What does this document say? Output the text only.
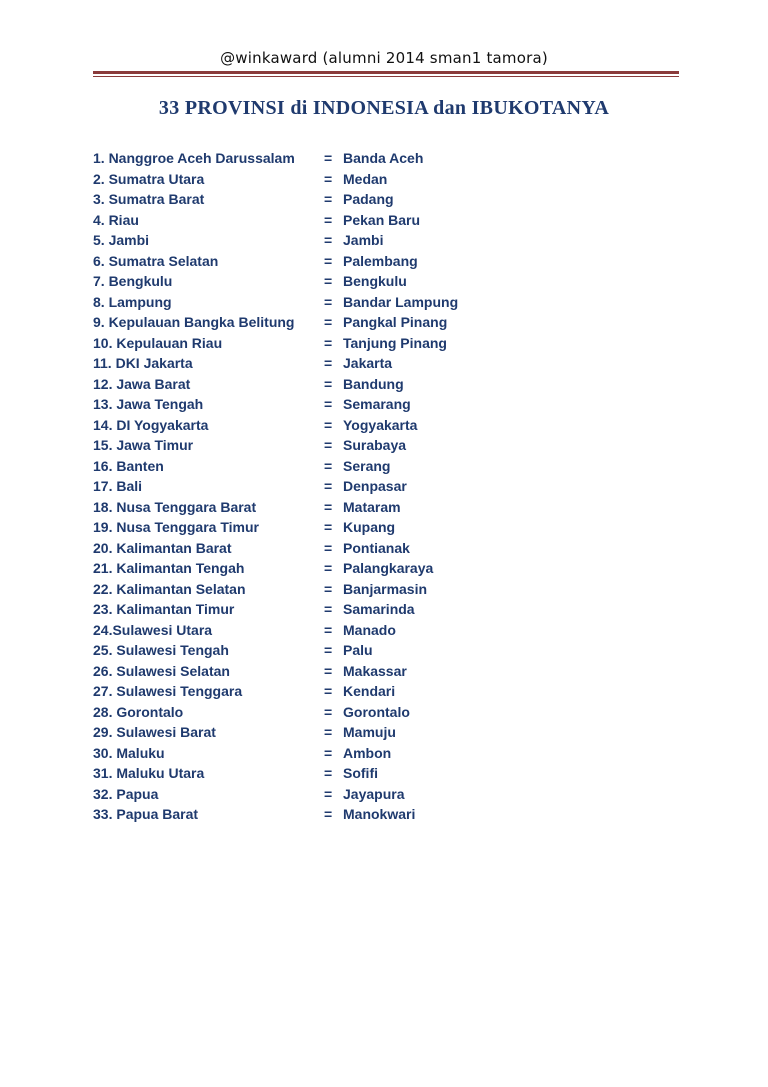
@winkaward (alumni 2014 sman1 tamora)
33 PROVINSI di INDONESIA dan IBUKOTANYA
1. Nanggroe Aceh Darussalam = Banda Aceh
2. Sumatra Utara	= Medan
3. Sumatra Barat	= Padang
4. Riau	= Pekan Baru
5. Jambi	= Jambi
6. Sumatra Selatan	= Palembang
7. Bengkulu	= Bengkulu
8. Lampung	= Bandar Lampung
9. Kepulauan Bangka Belitung = Pangkal Pinang
10. Kepulauan Riau	= Tanjung Pinang
11. DKI Jakarta	= Jakarta
12. Jawa Barat	= Bandung
13. Jawa Tengah	= Semarang
14. DI Yogyakarta	= Yogyakarta
15. Jawa Timur	= Surabaya
16. Banten	= Serang
17. Bali	= Denpasar
18. Nusa Tenggara Barat	= Mataram
19. Nusa Tenggara Timur	= Kupang
20. Kalimantan Barat	= Pontianak
21. Kalimantan Tengah	= Palangkaraya
22. Kalimantan Selatan	= Banjarmasin
23. Kalimantan Timur	= Samarinda
24.Sulawesi Utara	= Manado
25. Sulawesi Tengah	= Palu
26. Sulawesi Selatan	= Makassar
27. Sulawesi Tenggara	= Kendari
28. Gorontalo	= Gorontalo
29. Sulawesi Barat	= Mamuju
30. Maluku	= Ambon
31. Maluku Utara	= Sofifi
32. Papua	= Jayapura
33. Papua Barat	= Manokwari
